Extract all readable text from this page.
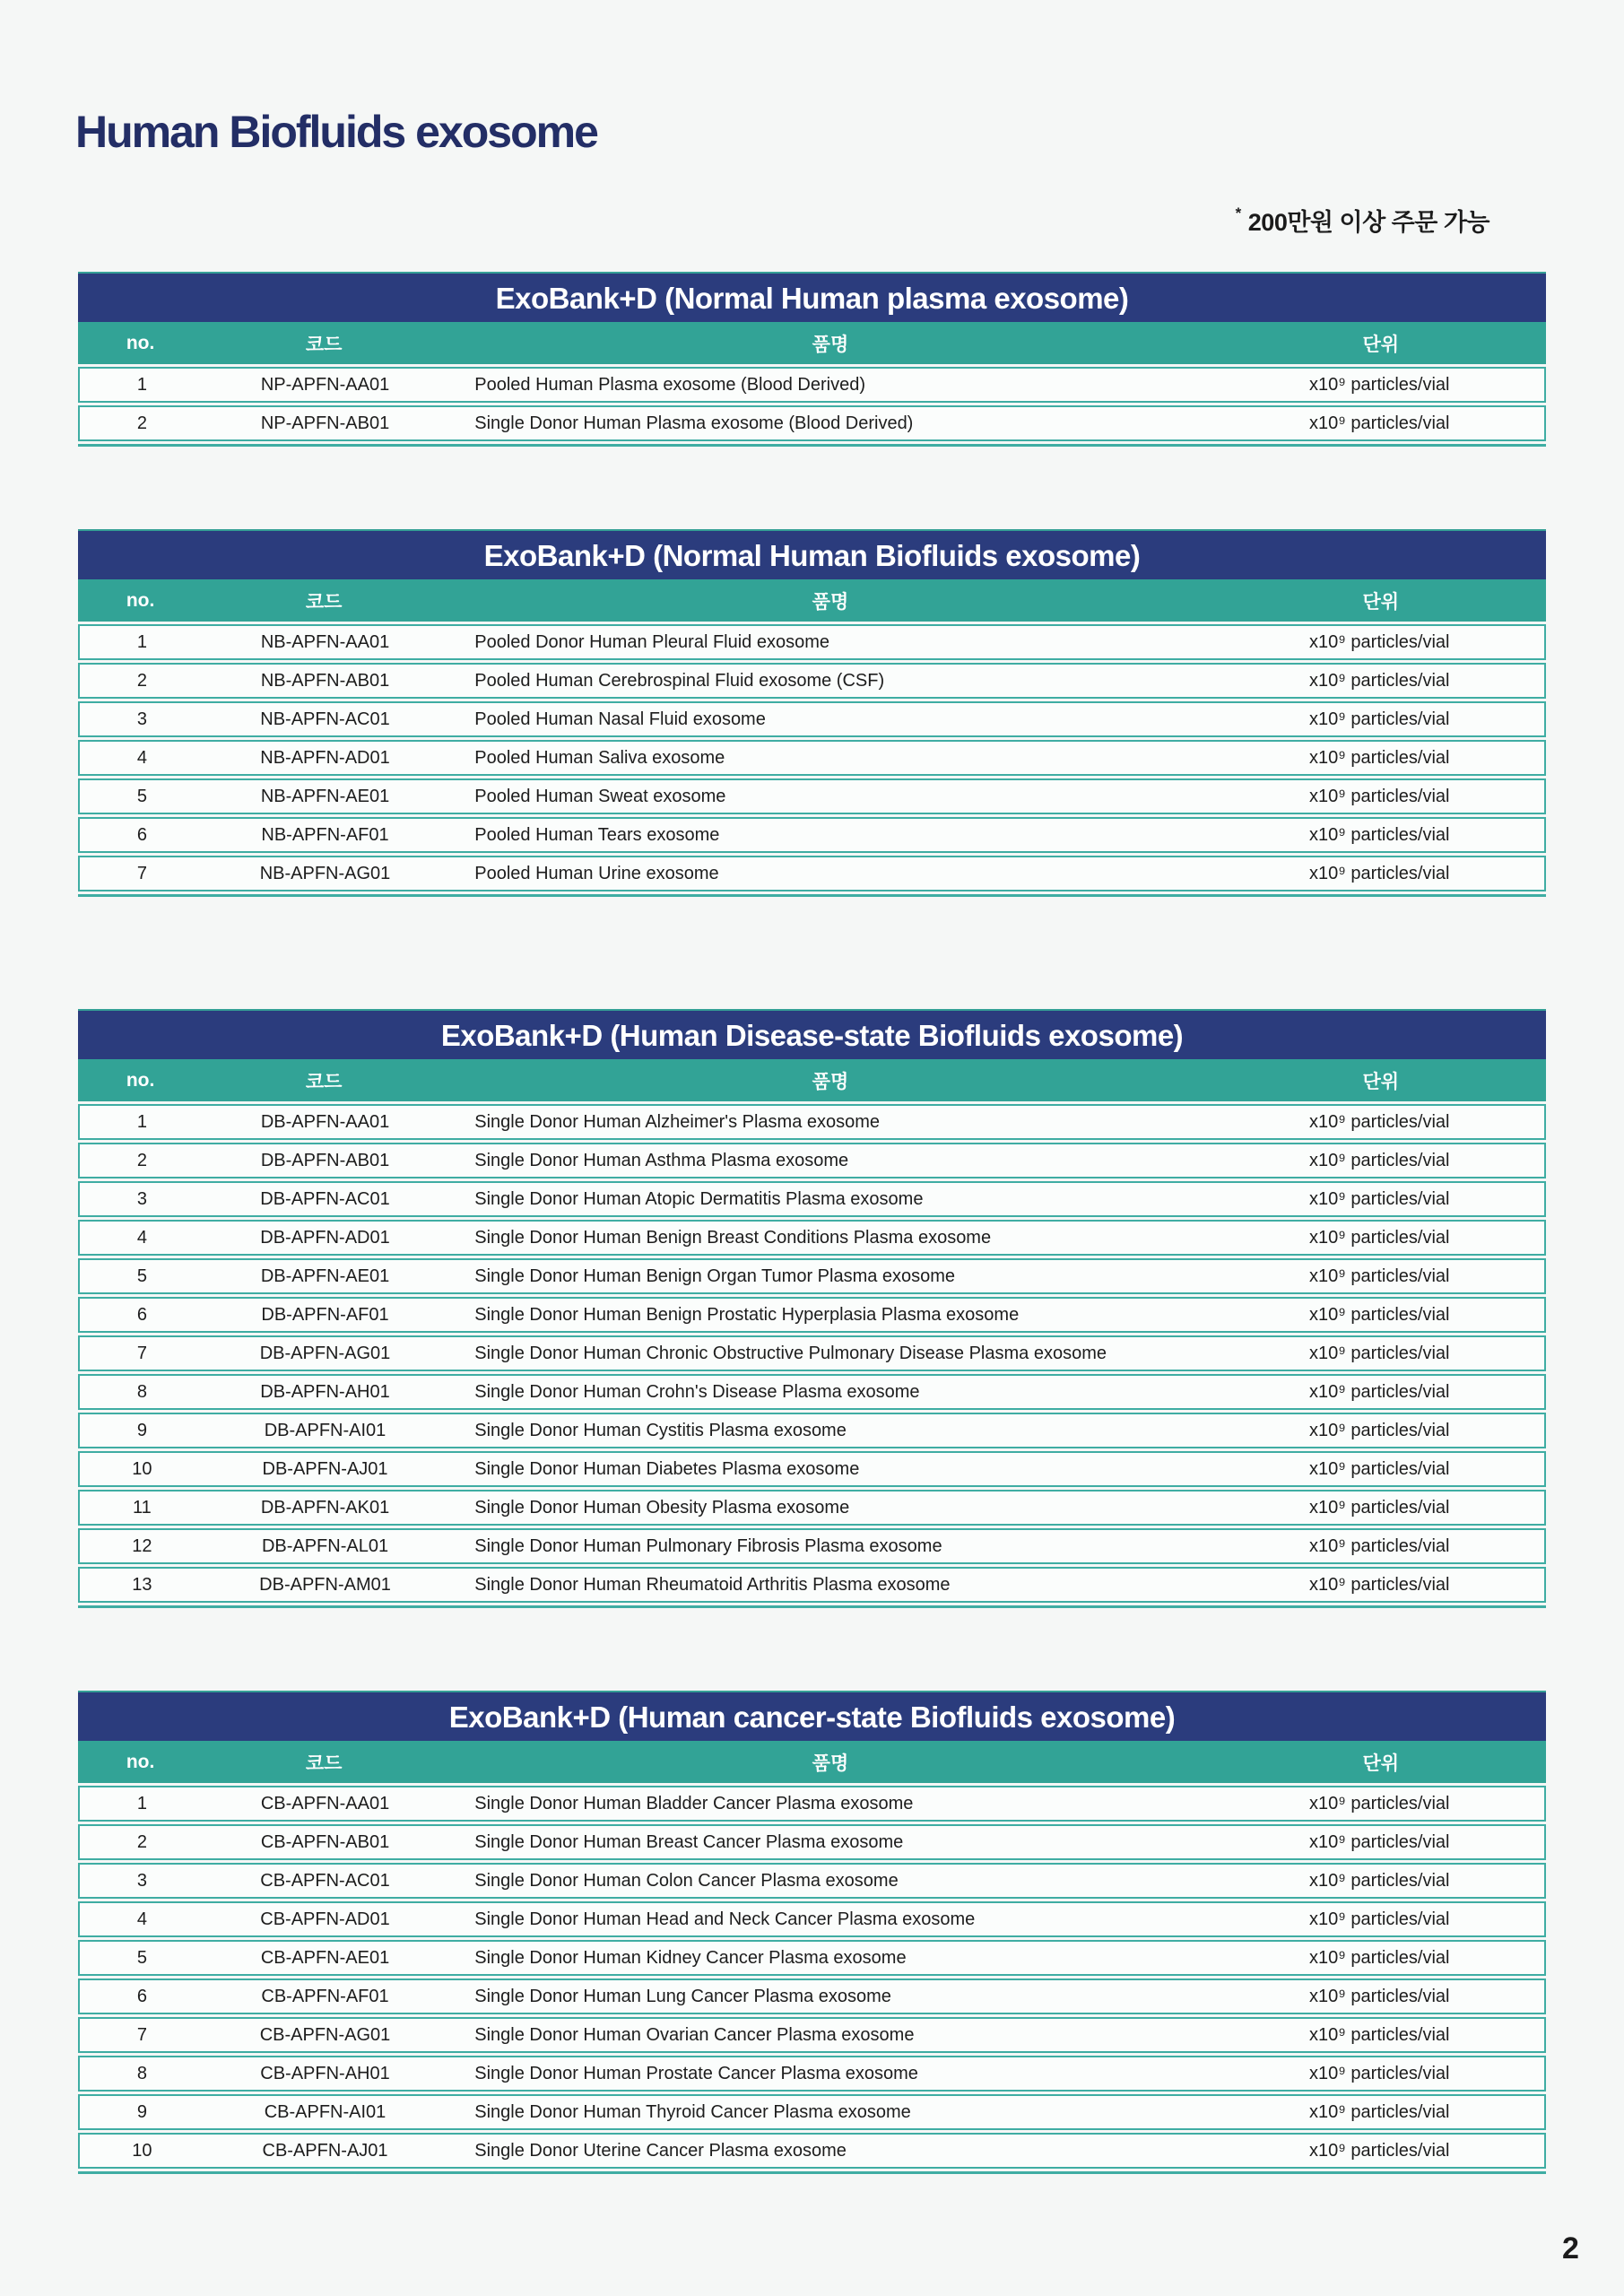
Human Biofluids exosome
* 200만원 이상 주문 가능
ExoBank+D (Normal Human plasma exosome)
no.	코드	품명	단위
1	NP-APFN-AA01	Pooled Human Plasma exosome (Blood Derived)	x10⁹ particles/vial
2	NP-APFN-AB01	Single Donor Human Plasma exosome (Blood Derived)	x10⁹ particles/vial
ExoBank+D (Normal Human Biofluids exosome)
no.	코드	품명	단위
1	NB-APFN-AA01	Pooled Donor Human Pleural Fluid exosome	x10⁹ particles/vial
2	NB-APFN-AB01	Pooled Human Cerebrospinal Fluid exosome (CSF)	x10⁹ particles/vial
3	NB-APFN-AC01	Pooled Human Nasal Fluid exosome	x10⁹ particles/vial
4	NB-APFN-AD01	Pooled Human Saliva exosome	x10⁹ particles/vial
5	NB-APFN-AE01	Pooled Human Sweat exosome	x10⁹ particles/vial
6	NB-APFN-AF01	Pooled Human Tears exosome	x10⁹ particles/vial
7	NB-APFN-AG01	Pooled Human Urine exosome	x10⁹ particles/vial
ExoBank+D (Human Disease-state Biofluids exosome)
no.	코드	품명	단위
1	DB-APFN-AA01	Single Donor Human Alzheimer's Plasma exosome	x10⁹ particles/vial
2	DB-APFN-AB01	Single Donor Human Asthma Plasma exosome	x10⁹ particles/vial
3	DB-APFN-AC01	Single Donor Human Atopic Dermatitis Plasma exosome	x10⁹ particles/vial
4	DB-APFN-AD01	Single Donor Human Benign Breast Conditions Plasma exosome	x10⁹ particles/vial
5	DB-APFN-AE01	Single Donor Human Benign Organ Tumor Plasma exosome	x10⁹ particles/vial
6	DB-APFN-AF01	Single Donor Human Benign Prostatic Hyperplasia Plasma exosome	x10⁹ particles/vial
7	DB-APFN-AG01	Single Donor Human Chronic Obstructive Pulmonary Disease Plasma exosome	x10⁹ particles/vial
8	DB-APFN-AH01	Single Donor Human Crohn's Disease Plasma exosome	x10⁹ particles/vial
9	DB-APFN-AI01	Single Donor Human Cystitis Plasma exosome	x10⁹ particles/vial
10	DB-APFN-AJ01	Single Donor Human Diabetes Plasma exosome	x10⁹ particles/vial
11	DB-APFN-AK01	Single Donor Human Obesity Plasma exosome	x10⁹ particles/vial
12	DB-APFN-AL01	Single Donor Human Pulmonary Fibrosis Plasma exosome	x10⁹ particles/vial
13	DB-APFN-AM01	Single Donor Human Rheumatoid Arthritis Plasma exosome	x10⁹ particles/vial
ExoBank+D (Human cancer-state Biofluids exosome)
no.	코드	품명	단위
1	CB-APFN-AA01	Single Donor Human Bladder Cancer Plasma exosome	x10⁹ particles/vial
2	CB-APFN-AB01	Single Donor Human Breast Cancer Plasma exosome	x10⁹ particles/vial
3	CB-APFN-AC01	Single Donor Human Colon Cancer Plasma exosome	x10⁹ particles/vial
4	CB-APFN-AD01	Single Donor Human Head and Neck Cancer Plasma exosome	x10⁹ particles/vial
5	CB-APFN-AE01	Single Donor Human Kidney Cancer Plasma exosome	x10⁹ particles/vial
6	CB-APFN-AF01	Single Donor Human Lung Cancer Plasma exosome	x10⁹ particles/vial
7	CB-APFN-AG01	Single Donor Human Ovarian Cancer Plasma exosome	x10⁹ particles/vial
8	CB-APFN-AH01	Single Donor Human Prostate Cancer Plasma exosome	x10⁹ particles/vial
9	CB-APFN-AI01	Single Donor Human Thyroid Cancer Plasma exosome	x10⁹ particles/vial
10	CB-APFN-AJ01	Single Donor Uterine Cancer Plasma exosome	x10⁹ particles/vial
2
